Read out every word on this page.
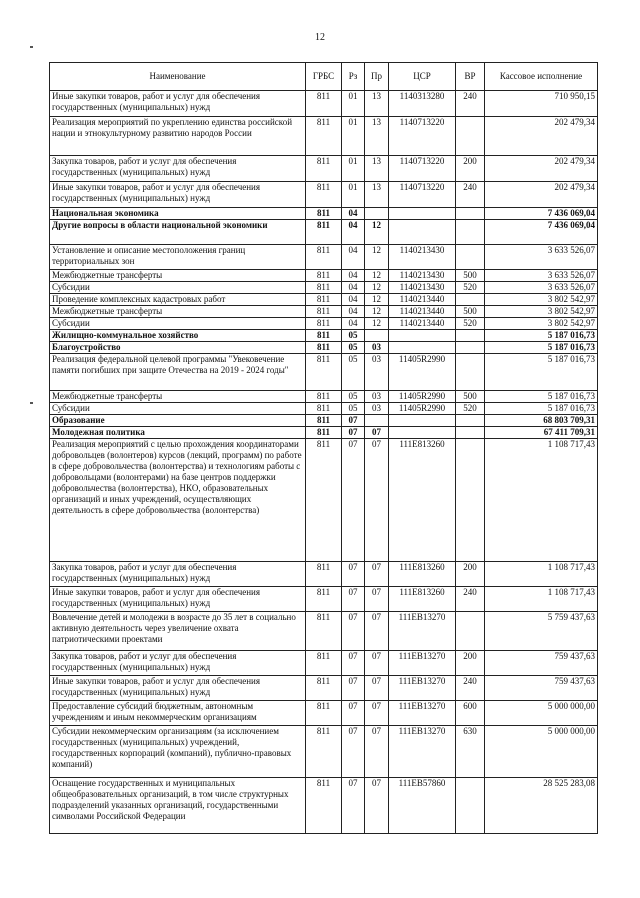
12
Наименование	ГРБС	Рз	Пр	ЦСР	ВР	Кассовое исполнение
Иные закупки товаров, работ и услуг для обеспечения государственных (муниципальных) нужд	811	01	13	1140313280	240	710 950,15
Реализация мероприятий по укреплению единства российской нации и этнокультурному развитию народов России	811	01	13	1140713220		202 479,34
Закупка товаров, работ и услуг для обеспечения государственных (муниципальных) нужд	811	01	13	1140713220	200	202 479,34
Иные закупки товаров, работ и услуг для обеспечения государственных (муниципальных) нужд	811	01	13	1140713220	240	202 479,34
Национальная экономика	811	04				7 436 069,04
Другие вопросы в области национальной экономики	811	04	12			7 436 069,04
Установление и описание местоположения границ территориальных зон	811	04	12	1140213430		3 633 526,07
Межбюджетные трансферты	811	04	12	1140213430	500	3 633 526,07
Субсидии	811	04	12	1140213430	520	3 633 526,07
Проведение комплексных кадастровых работ	811	04	12	1140213440		3 802 542,97
Межбюджетные трансферты	811	04	12	1140213440	500	3 802 542,97
Субсидии	811	04	12	1140213440	520	3 802 542,97
Жилищно-коммунальное хозяйство	811	05				5 187 016,73
Благоустройство	811	05	03			5 187 016,73
Реализация федеральной целевой программы "Увековечение памяти погибших при защите Отечества на 2019 - 2024 годы"	811	05	03	11405R2990		5 187 016,73
Межбюджетные трансферты	811	05	03	11405R2990	500	5 187 016,73
Субсидии	811	05	03	11405R2990	520	5 187 016,73
Образование	811	07				68 803 709,31
Молодежная политика	811	07	07			67 411 709,31
Реализация мероприятий с целью прохождения координаторами добровольцев (волонтеров) курсов (лекций, программ) по работе в сфере добровольчества (волонтерства) и технологиям работы с добровольцами (волонтерами) на базе центров поддержки добровольчества (волонтерства), НКО, образовательных организаций и иных учреждений, осуществляющих деятельность в сфере добровольчества (волонтерства)	811	07	07	111E813260		1 108 717,43
Закупка товаров, работ и услуг для обеспечения государственных (муниципальных) нужд	811	07	07	111E813260	200	1 108 717,43
Иные закупки товаров, работ и услуг для обеспечения государственных (муниципальных) нужд	811	07	07	111E813260	240	1 108 717,43
Вовлечение детей и молодежи в возрасте до 35 лет в социально активную деятельность через увеличение охвата патриотическими проектами	811	07	07	111EB13270		5 759 437,63
Закупка товаров, работ и услуг для обеспечения государственных (муниципальных) нужд	811	07	07	111EB13270	200	759 437,63
Иные закупки товаров, работ и услуг для обеспечения государственных (муниципальных) нужд	811	07	07	111EB13270	240	759 437,63
Предоставление субсидий бюджетным, автономным учреждениям и иным некоммерческим организациям	811	07	07	111EB13270	600	5 000 000,00
Субсидии некоммерческим организациям (за исключением государственных (муниципальных) учреждений, государственных корпораций (компаний), публично-правовых компаний)	811	07	07	111EB13270	630	5 000 000,00
Оснащение государственных и муниципальных общеобразовательных организаций, в том числе структурных подразделений указанных организаций, государственными символами Российской Федерации	811	07	07	111EB57860		28 525 283,08
